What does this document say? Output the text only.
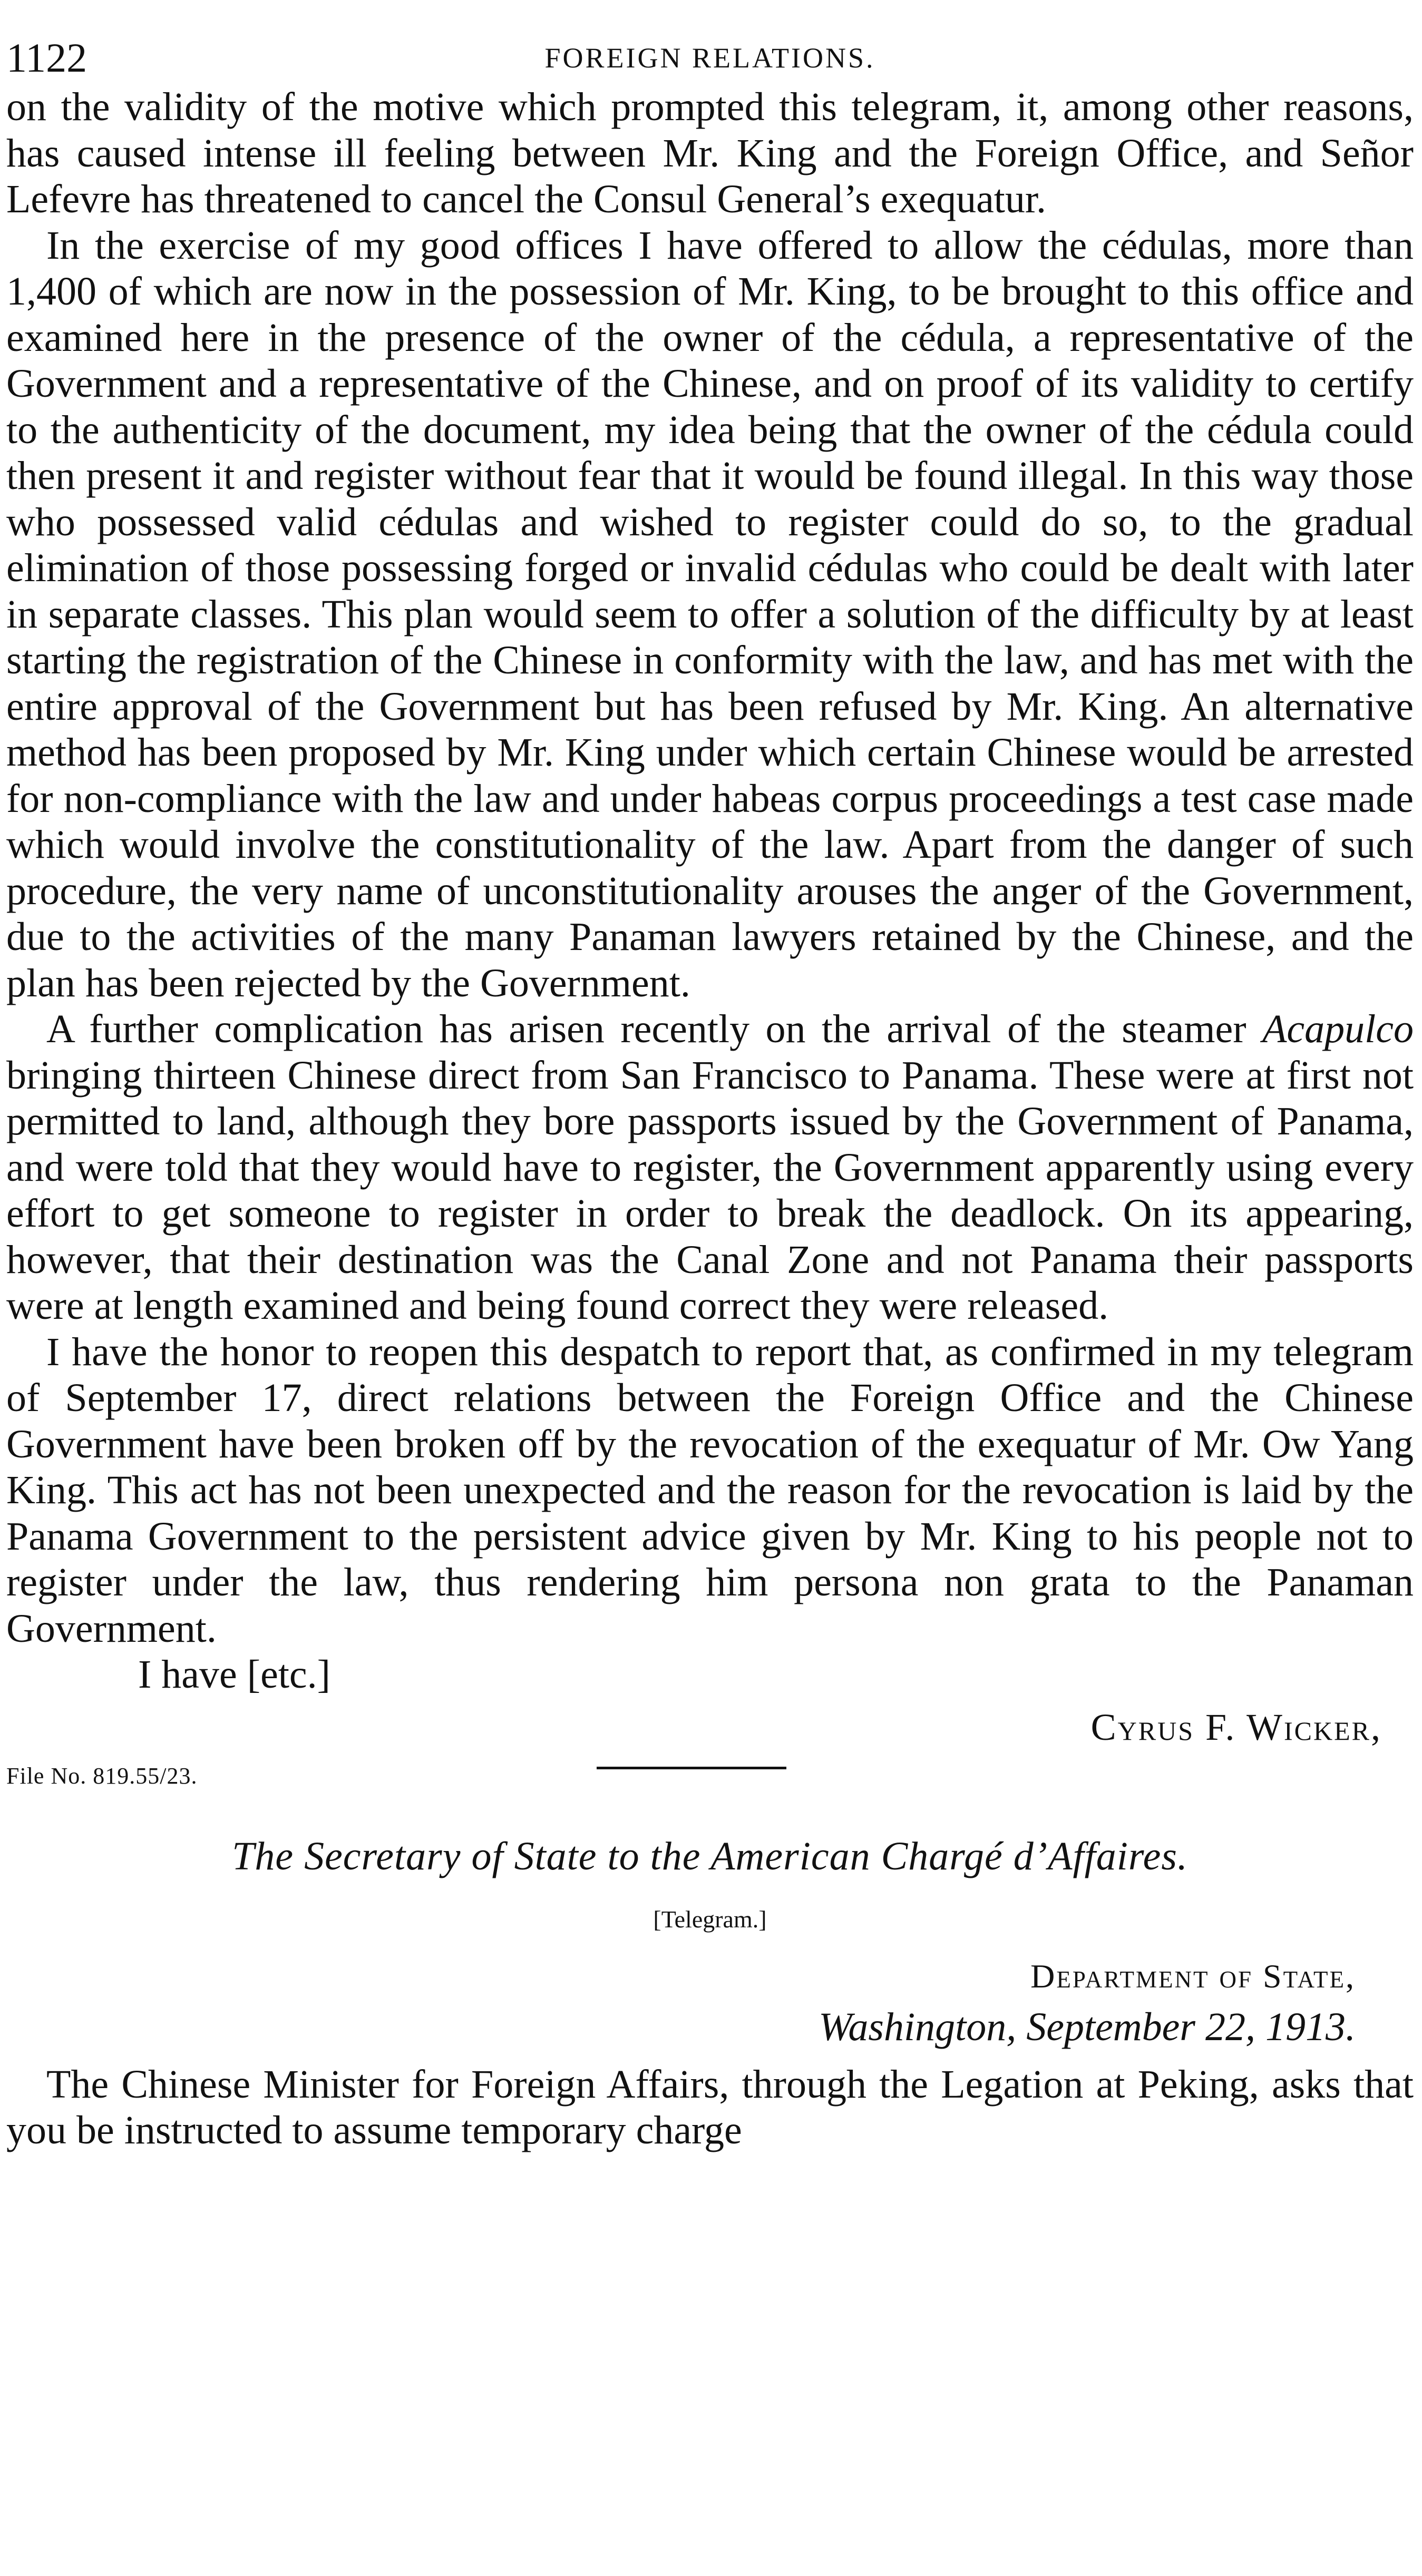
1122	FOREIGN RELATIONS.

on the validity of the motive which prompted this telegram, it, among other reasons, has caused intense ill feeling between Mr. King and the Foreign Office, and Señor Lefevre has threatened to cancel the Consul General’s exequatur.

In the exercise of my good offices I have offered to allow the cédulas, more than 1,400 of which are now in the possession of Mr. King, to be brought to this office and examined here in the presence of the owner of the cédula, a representative of the Government and a representative of the Chinese, and on proof of its validity to certify to the authenticity of the document, my idea being that the owner of the cédula could then present it and register without fear that it would be found illegal. In this way those who possessed valid cédulas and wished to register could do so, to the gradual elimination of those possessing forged or invalid cédulas who could be dealt with later in separate classes. This plan would seem to offer a solution of the difficulty by at least starting the registration of the Chinese in conformity with the law, and has met with the entire approval of the Government but has been refused by Mr. King. An alternative method has been proposed by Mr. King under which certain Chinese would be arrested for non-compliance with the law and under habeas corpus proceedings a test case made which would involve the constitutionality of the law. Apart from the danger of such procedure, the very name of unconstitutionality arouses the anger of the Government, due to the activities of the many Panaman lawyers retained by the Chinese, and the plan has been rejected by the Government.

A further complication has arisen recently on the arrival of the steamer Acapulco bringing thirteen Chinese direct from San Francisco to Panama. These were at first not permitted to land, although they bore passports issued by the Government of Panama, and were told that they would have to register, the Government apparently using every effort to get someone to register in order to break the deadlock. On its appearing, however, that their destination was the Canal Zone and not Panama their passports were at length examined and being found correct they were released.

I have the honor to reopen this despatch to report that, as confirmed in my telegram of September 17, direct relations between the Foreign Office and the Chinese Government have been broken off by the revocation of the exequatur of Mr. Ow Yang King. This act has not been unexpected and the reason for the revocation is laid by the Panama Government to the persistent advice given by Mr. King to his people not to register under the law, thus rendering him persona non grata to the Panaman Government.

I have [etc.]

Cyrus F. Wicker,

File No. 819.55/23.
The Secretary of State to the American Chargé d’Affaires.
[Telegram.]

Department of State,
Washington, September 22, 1913.

The Chinese Minister for Foreign Affairs, through the Legation at Peking, asks that you be instructed to assume temporary charge
